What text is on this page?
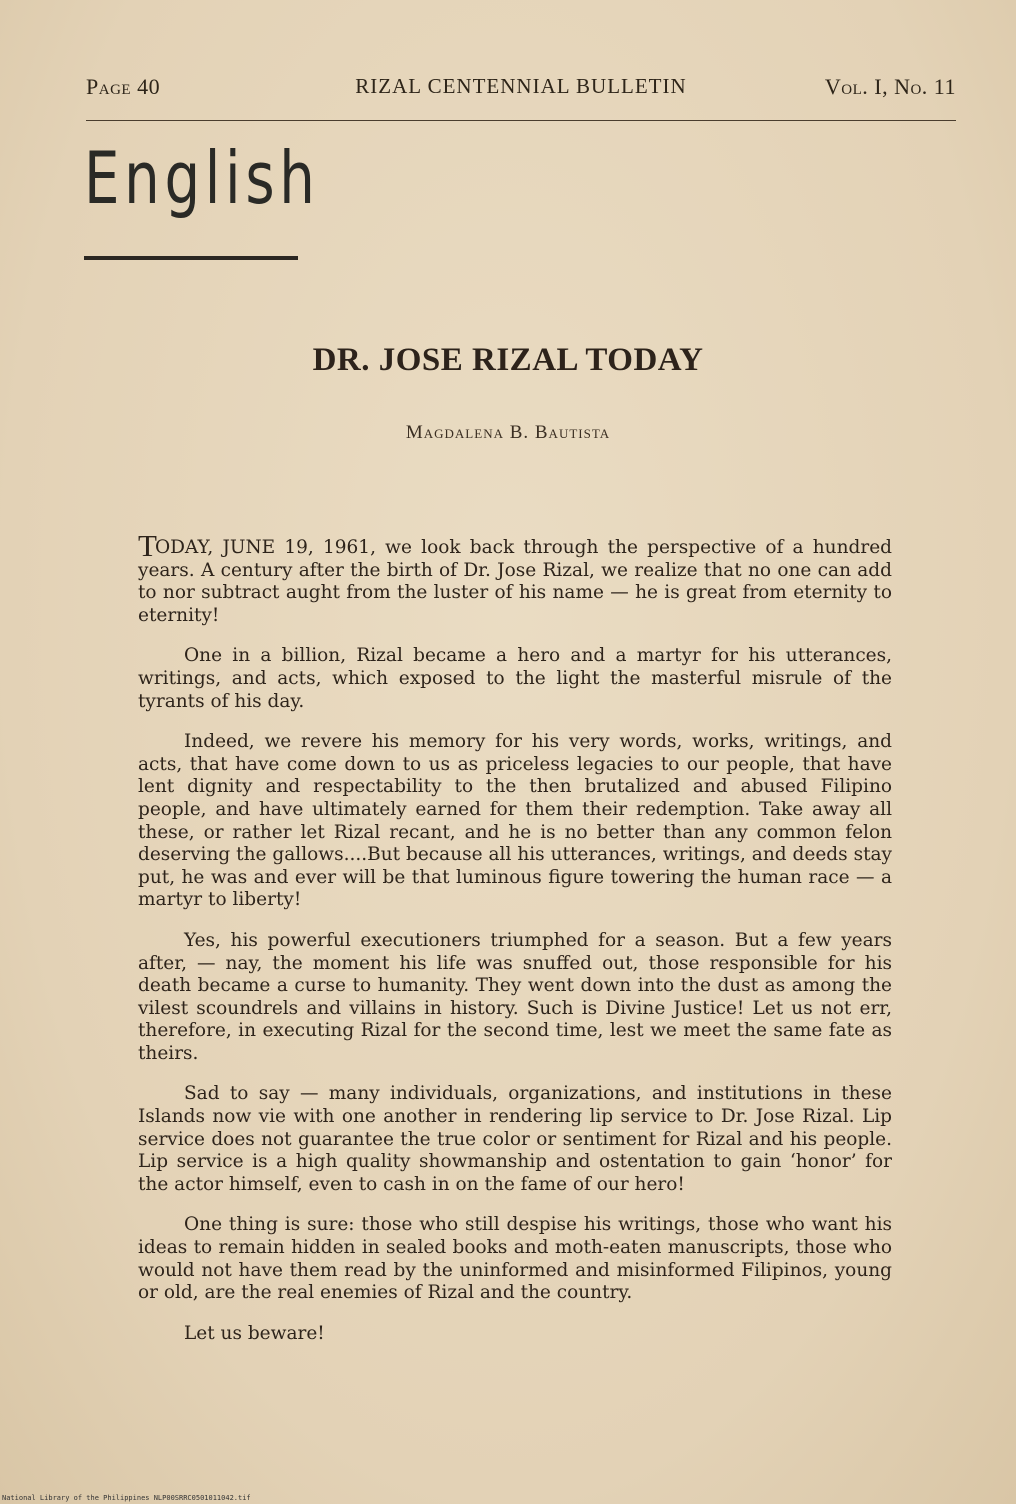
Page 40	RIZAL CENTENNIAL BULLETIN	Vol. I, No. 11
English
DR. JOSE RIZAL TODAY
Magdalena B. Bautista

TODAY, JUNE 19, 1961, we look back through the perspective of a hundred years. A century after the birth of Dr. Jose Rizal, we realize that no one can add to nor subtract aught from the luster of his name — he is great from eternity to eternity!

One in a billion, Rizal became a hero and a martyr for his utterances, writings, and acts, which exposed to the light the masterful misrule of the tyrants of his day.

Indeed, we revere his memory for his very words, works, writings, and acts, that have come down to us as priceless legacies to our people, that have lent dignity and respectability to the then brutalized and abused Filipino people, and have ultimately earned for them their redemption. Take away all these, or rather let Rizal recant, and he is no better than any common felon deserving the gallows....But because all his utterances, writings, and deeds stay put, he was and ever will be that luminous figure towering the human race — a martyr to liberty!

Yes, his powerful executioners triumphed for a season. But a few years after, — nay, the moment his life was snuffed out, those responsible for his death became a curse to humanity. They went down into the dust as among the vilest scoundrels and villains in history. Such is Divine Justice! Let us not err, therefore, in executing Rizal for the second time, lest we meet the same fate as theirs.

Sad to say — many individuals, organizations, and institutions in these Islands now vie with one another in rendering lip service to Dr. Jose Rizal. Lip service does not guarantee the true color or sentiment for Rizal and his people. Lip service is a high quality showmanship and ostentation to gain ‘honor’ for the actor himself, even to cash in on the fame of our hero!

One thing is sure: those who still despise his writings, those who want his ideas to remain hidden in sealed books and moth-eaten manuscripts, those who would not have them read by the uninformed and misinformed Filipinos, young or old, are the real enemies of Rizal and the country.

Let us beware!

National Library of the Philippines NLP00SRRC0501011042.tif
